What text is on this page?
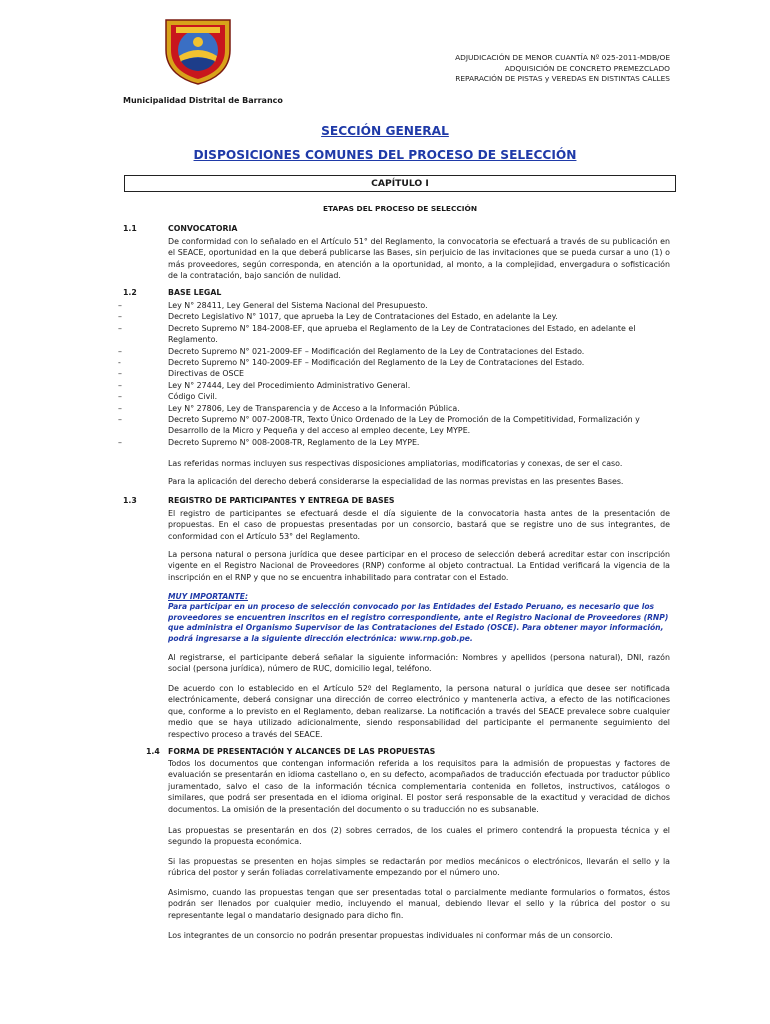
ADJUDICACIÓN DE MENOR CUANTÍA Nº 025-2011-MDB/OE
ADQUISICIÓN DE CONCRETO PREMEZCLADO
REPARACIÓN DE PISTAS y VEREDAS EN DISTINTAS CALLES
Municipalidad Distrital de Barranco
SECCIÓN GENERAL
DISPOSICIONES COMUNES DEL PROCESO DE SELECCIÓN
CAPÍTULO I
ETAPAS DEL PROCESO DE SELECCIÓN
1.1	CONVOCATORIA
De conformidad con lo señalado en el Artículo 51° del Reglamento, la convocatoria se efectuará a través de su publicación en el SEACE, oportunidad en la que deberá publicarse las Bases, sin perjuicio de las invitaciones que se pueda cursar a uno (1) o más proveedores, según corresponda, en atención a la oportunidad, al monto, a la complejidad, envergadura o sofisticación de la contratación, bajo sanción de nulidad.
1.2	BASE LEGAL
–	Ley N° 28411, Ley General del Sistema Nacional del Presupuesto.
–	Decreto Legislativo N° 1017, que aprueba la Ley de Contrataciones del Estado, en adelante la Ley.
–	Decreto Supremo N° 184-2008-EF, que aprueba el Reglamento de la Ley de Contrataciones del Estado, en adelante el Reglamento.
–	Decreto Supremo N° 021-2009-EF – Modificación del Reglamento de la Ley de Contrataciones del Estado.
-	Decreto Supremo N° 140-2009-EF – Modificación del Reglamento de la Ley de Contrataciones del Estado.
–	Directivas de OSCE
–	Ley N° 27444, Ley del Procedimiento Administrativo General.
–	Código Civil.
–	Ley N° 27806, Ley de Transparencia y de Acceso a la Información Pública.
–	Decreto Supremo N° 007-2008-TR, Texto Único Ordenado de la Ley de Promoción de la Competitividad, Formalización y Desarrollo de la Micro y Pequeña y del acceso al empleo decente, Ley MYPE.
–	Decreto Supremo N° 008-2008-TR, Reglamento de la Ley MYPE.
Las referidas normas incluyen sus respectivas disposiciones ampliatorias, modificatorias y conexas, de ser el caso.
Para la aplicación del derecho deberá considerarse la especialidad de las normas previstas en las presentes Bases.
1.3	REGISTRO DE PARTICIPANTES Y ENTREGA DE BASES
El registro de participantes se efectuará desde el día siguiente de la convocatoria hasta antes de la presentación de propuestas. En el caso de propuestas presentadas por un consorcio, bastará que se registre uno de sus integrantes, de conformidad con el Artículo 53° del Reglamento.
La persona natural o persona jurídica que desee participar en el proceso de selección deberá acreditar estar con inscripción vigente en el Registro Nacional de Proveedores (RNP) conforme al objeto contractual. La Entidad verificará la vigencia de la inscripción en el RNP y que no se encuentra inhabilitado para contratar con el Estado.
MUY IMPORTANTE:
Para participar en un proceso de selección convocado por las Entidades del Estado Peruano, es necesario que los proveedores se encuentren inscritos en el registro correspondiente, ante el Registro Nacional de Proveedores (RNP) que administra el Organismo Supervisor de las Contrataciones del Estado (OSCE). Para obtener mayor información, podrá ingresarse a la siguiente dirección electrónica: www.rnp.gob.pe.
Al registrarse, el participante deberá señalar la siguiente información: Nombres y apellidos (persona natural), DNI, razón social (persona jurídica), número de RUC, domicilio legal, teléfono.
De acuerdo con lo establecido en el Artículo 52º del Reglamento, la persona natural o jurídica que desee ser notificada electrónicamente, deberá consignar una dirección de correo electrónico y mantenerla activa, a efecto de las notificaciones que, conforme a lo previsto en el Reglamento, deban realizarse. La notificación a través del SEACE prevalece sobre cualquier medio que se haya utilizado adicionalmente, siendo responsabilidad del participante el permanente seguimiento del respectivo proceso a través del SEACE.
1.4 FORMA DE PRESENTACIÓN Y ALCANCES DE LAS PROPUESTAS
Todos los documentos que contengan información referida a los requisitos para la admisión de propuestas y factores de evaluación se presentarán en idioma castellano o, en su defecto, acompañados de traducción efectuada por traductor público juramentado, salvo el caso de la información técnica complementaria contenida en folletos, instructivos, catálogos o similares, que podrá ser presentada en el idioma original. El postor será responsable de la exactitud y veracidad de dichos documentos. La omisión de la presentación del documento o su traducción no es subsanable.
Las propuestas se presentarán en dos (2) sobres cerrados, de los cuales el primero contendrá la propuesta técnica y el segundo la propuesta económica.
Si las propuestas se presenten en hojas simples se redactarán por medios mecánicos o electrónicos, llevarán el sello y la rúbrica del postor y serán foliadas correlativamente empezando por el número uno.
Asimismo, cuando las propuestas tengan que ser presentadas total o parcialmente mediante formularios o formatos, éstos podrán ser llenados por cualquier medio, incluyendo el manual, debiendo llevar el sello y la rúbrica del postor o su representante legal o mandatario designado para dicho fin.
Los integrantes de un consorcio no podrán presentar propuestas individuales ni conformar más de un consorcio.
